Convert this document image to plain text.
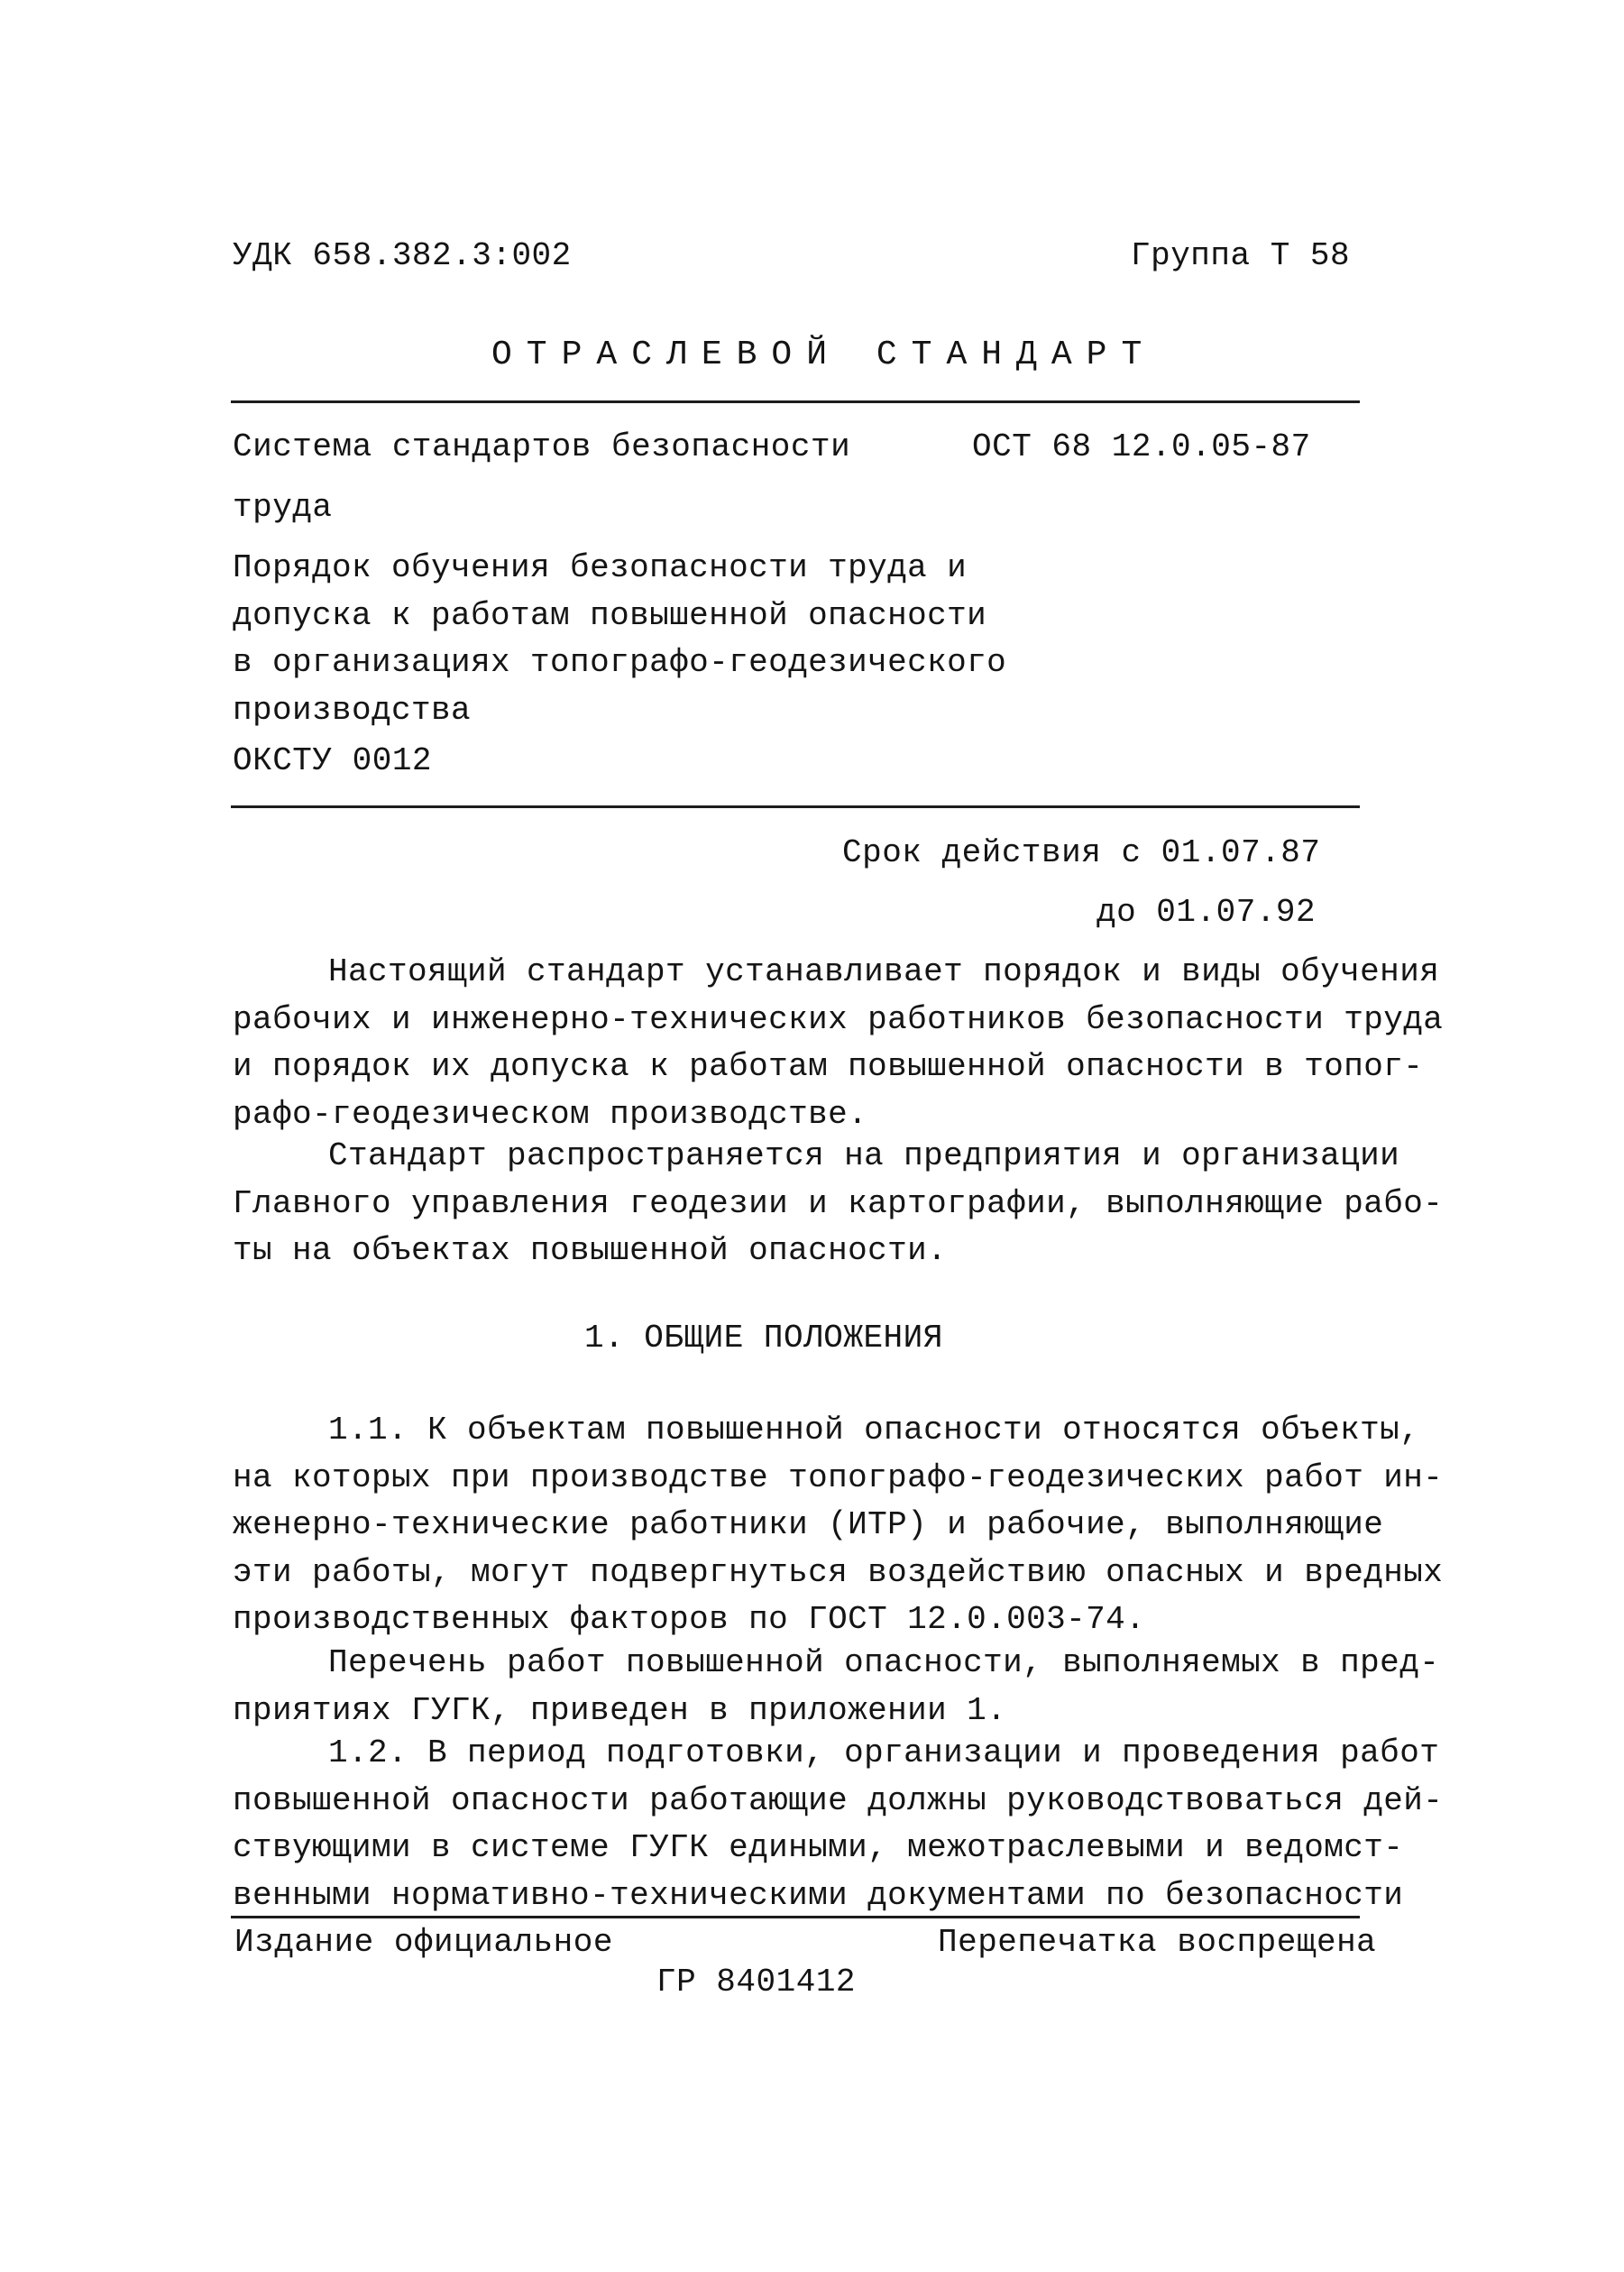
УДК 658.382.3:002	Группа Т 58
ОТРАСЛЕВОЙ СТАНДАРТ
Система стандартов безопасности	ОСТ 68 12.0.05-87
труда

Порядок обучения безопасности труда и
допуска к работам повышенной опасности
в организациях топографо-геодезического
производства

ОКСТУ 0012
Срок действия с 01.07.87
до 01.07.92

Настоящий стандарт устанавливает порядок и виды обучения
рабочих и инженерно-технических работников безопасности труда
и порядок их допуска к работам повышенной опасности в топог-
рафо-геодезическом производстве.

Стандарт распространяется на предприятия и организации
Главного управления геодезии и картографии, выполняющие рабо-
ты на объектах повышенной опасности.

1. ОБЩИЕ ПОЛОЖЕНИЯ

1.1. К объектам повышенной опасности относятся объекты,
на которых при производстве топографо-геодезических работ ин-
женерно-технические работники (ИТР) и рабочие, выполняющие
эти работы, могут подвергнуться воздействию опасных и вредных
производственных факторов по ГОСТ 12.0.003-74.

Перечень работ повышенной опасности, выполняемых в пред-
приятиях ГУГК, приведен в приложении 1.

1.2. В период подготовки, организации и проведения работ
повышенной опасности работающие должны руководствоваться дей-
ствующими в системе ГУГК едиными, межотраслевыми и ведомст-
венными нормативно-техническими документами по безопасности

Издание официальное	Перепечатка воспрещена
ГР 8401412
